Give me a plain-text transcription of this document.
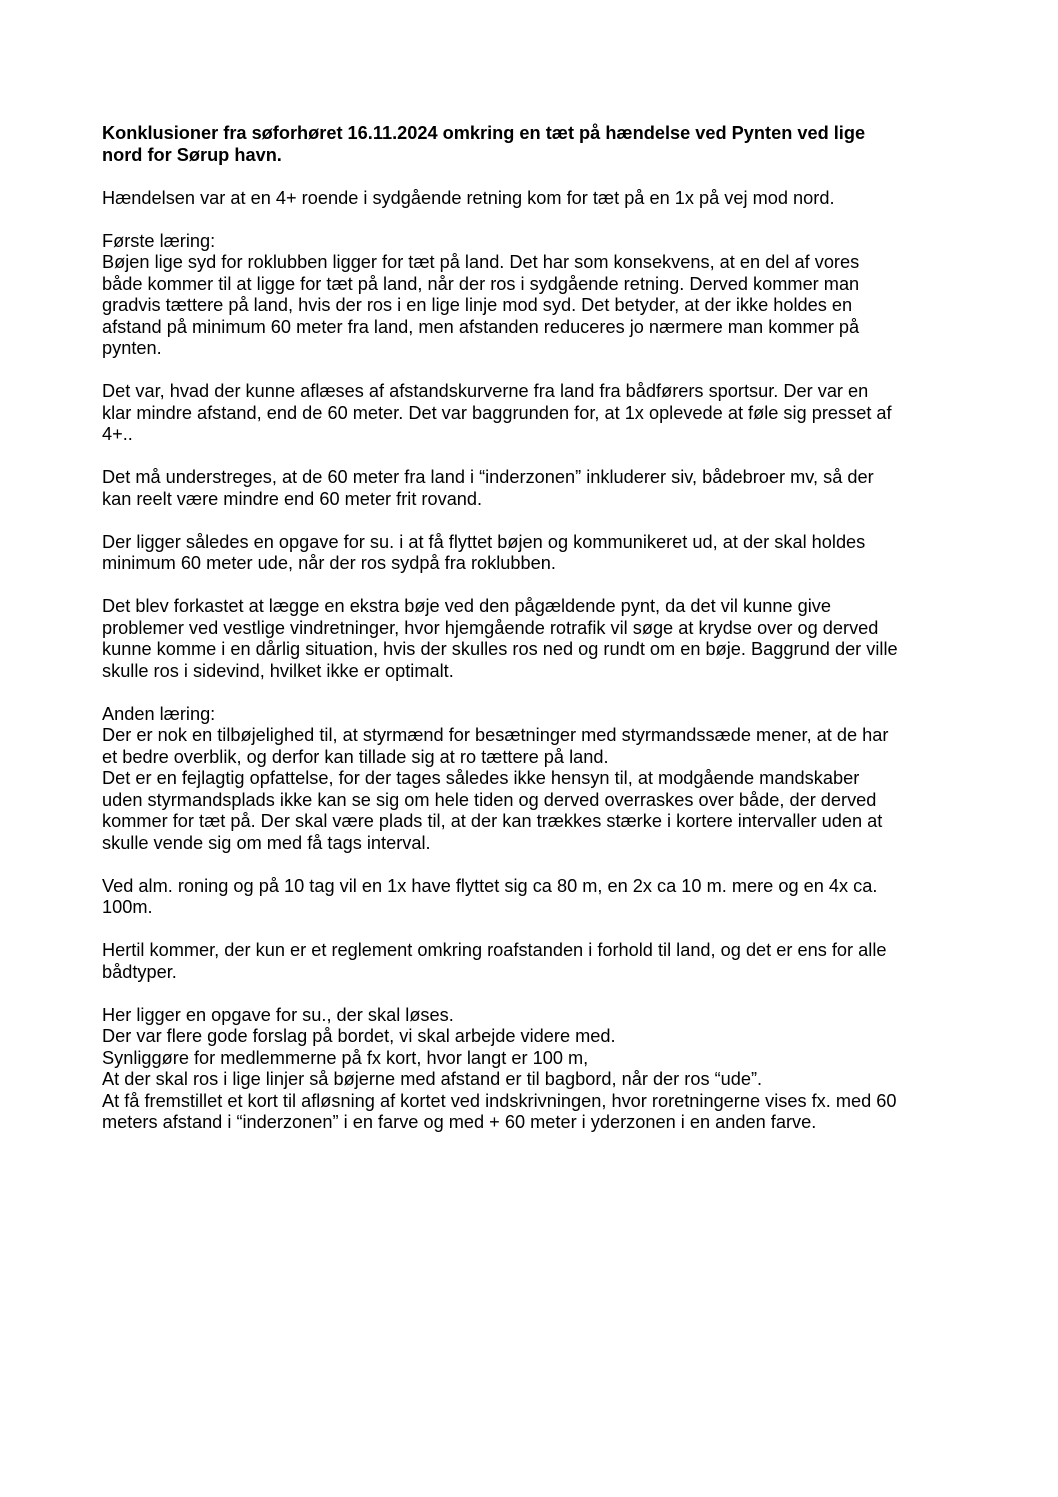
Konklusioner fra søforhøret 16.11.2024 omkring en tæt på hændelse ved Pynten ved lige
nord for Sørup havn.
Hændelsen var at en 4+ roende i sydgående retning kom for tæt på en 1x på vej mod nord.
Første læring:
Bøjen lige syd for roklubben ligger for tæt på land. Det har som konsekvens, at en del af vores
både kommer til at ligge for tæt på land, når der ros i sydgående retning. Derved kommer man
gradvis tættere på land, hvis der ros i en lige linje mod syd. Det betyder, at der ikke holdes en
afstand på minimum 60 meter fra land, men afstanden reduceres jo nærmere man kommer på
pynten.
Det var, hvad der kunne aflæses af afstandskurverne fra land fra bådførers sportsur. Der var en
klar mindre afstand, end de 60 meter. Det var baggrunden for, at 1x oplevede at føle sig presset af
4+..
Det må understreges, at de 60 meter fra land i “inderzonen” inkluderer siv, bådebroer mv, så der
kan reelt være mindre end 60 meter frit rovand.
Der ligger således en opgave for su. i at få flyttet bøjen og kommunikeret ud, at der skal holdes
minimum 60 meter ude, når der ros sydpå fra roklubben.
Det blev forkastet at lægge en ekstra bøje ved den pågældende pynt, da det vil kunne give
problemer ved vestlige vindretninger, hvor hjemgående rotrafik vil søge at krydse over og derved
kunne komme i en dårlig situation, hvis der skulles ros ned og rundt om en bøje. Baggrund der ville
skulle ros i sidevind, hvilket ikke er optimalt.
Anden læring:
Der er nok en tilbøjelighed til, at styrmænd for besætninger med styrmandssæde mener, at de har
et bedre overblik, og derfor kan tillade sig at ro tættere på land.
Det er en fejlagtig opfattelse, for der tages således ikke hensyn til, at modgående mandskaber
uden styrmandsplads ikke kan se sig om hele tiden og derved overraskes over både, der derved
kommer for tæt på. Der skal være plads til, at der kan trækkes stærke i kortere intervaller uden at
skulle vende sig om med få tags interval.
Ved alm. roning og på 10 tag vil en 1x have flyttet sig ca 80 m, en 2x ca 10 m. mere og en 4x ca.
100m.
Hertil kommer, der kun er et reglement omkring roafstanden i forhold til land, og det er ens for alle
bådtyper.
Her ligger en opgave for su., der skal løses.
Der var flere gode forslag på bordet, vi skal arbejde videre med.
Synliggøre for medlemmerne på fx kort, hvor langt er 100 m,
At der skal ros i lige linjer så bøjerne med afstand er til bagbord, når der ros “ude”.
At få fremstillet et kort til afløsning af kortet ved indskrivningen, hvor roretningerne vises fx. med 60
meters afstand i “inderzonen” i en farve og med + 60 meter i yderzonen i en anden farve.
